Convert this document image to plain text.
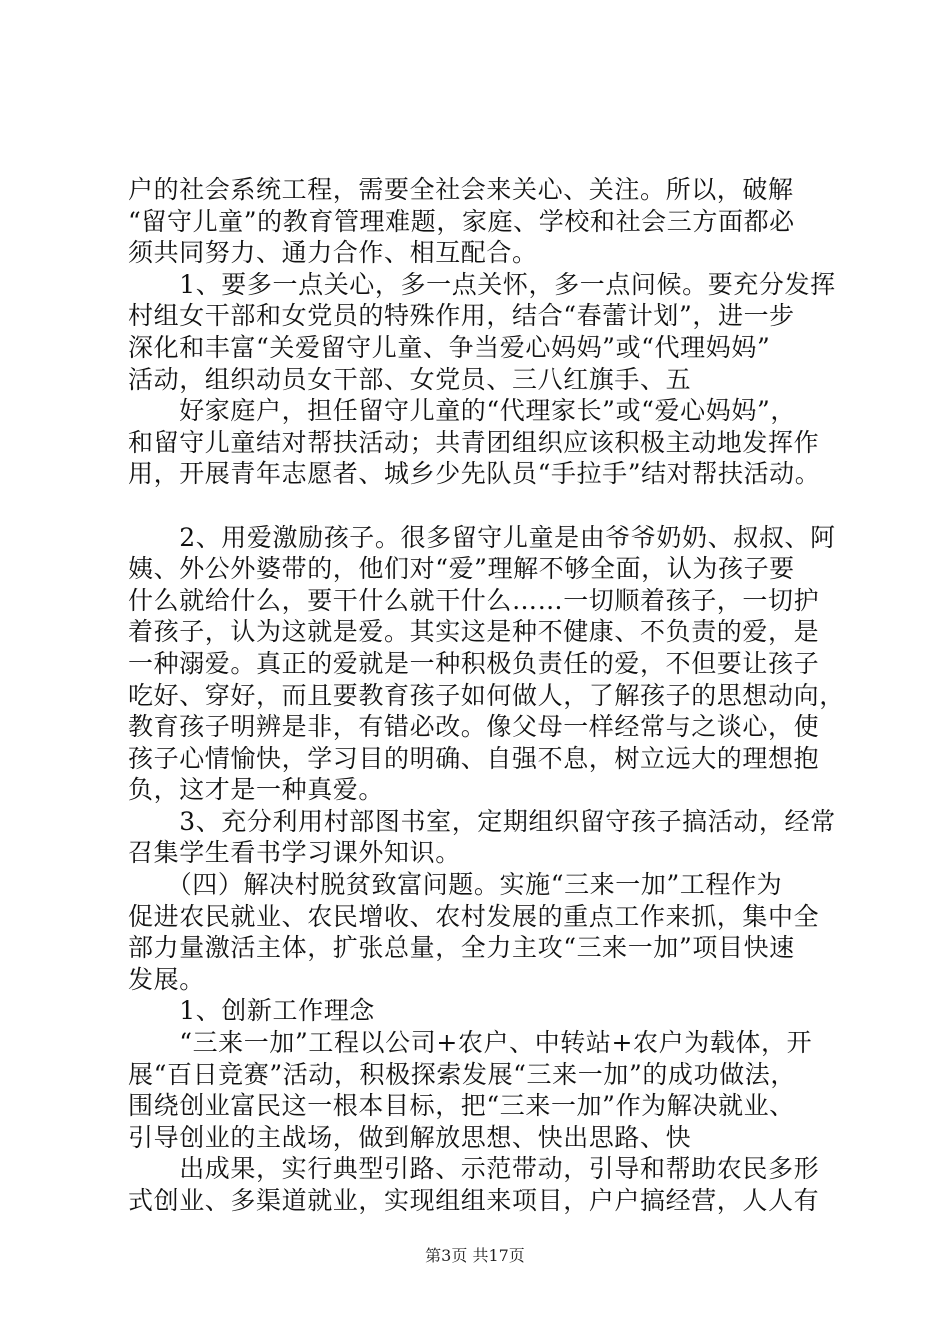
户的社会系统工程，需要全社会来关心、关注。所以，破解
“留守儿童”的教育管理难题，家庭、学校和社会三方面都必
须共同努力、通力合作、相互配合。
　　1、要多一点关心，多一点关怀，多一点问候。要充分发挥
村组女干部和女党员的特殊作用，结合“春蕾计划”，进一步
深化和丰富“关爱留守儿童、争当爱心妈妈”或“代理妈妈”
活动，组织动员女干部、女党员、三八红旗手、五
　　好家庭户，担任留守儿童的“代理家长”或“爱心妈妈”，
和留守儿童结对帮扶活动；共青团组织应该积极主动地发挥作
用，开展青年志愿者、城乡少先队员“手拉手”结对帮扶活动。
　　2、用爱激励孩子。很多留守儿童是由爷爷奶奶、叔叔、阿
姨、外公外婆带的，他们对“爱”理解不够全面，认为孩子要
什么就给什么，要干什么就干什么……一切顺着孩子，一切护
着孩子，认为这就是爱。其实这是种不健康、不负责的爱，是
一种溺爱。真正的爱就是一种积极负责任的爱，不但要让孩子
吃好、穿好，而且要教育孩子如何做人，了解孩子的思想动向，
教育孩子明辨是非，有错必改。像父母一样经常与之谈心，使
孩子心情愉快，学习目的明确、自强不息，树立远大的理想抱
负，这才是一种真爱。
　　3、充分利用村部图书室，定期组织留守孩子搞活动，经常
召集学生看书学习课外知识。
　　（四）解决村脱贫致富问题。实施“三来一加”工程作为
促进农民就业、农民增收、农村发展的重点工作来抓，集中全
部力量激活主体，扩张总量，全力主攻“三来一加”项目快速
发展。
　　1、创新工作理念
　　“三来一加”工程以公司+农户、中转站+农户为载体，开
展“百日竞赛”活动，积极探索发展“三来一加”的成功做法，
围绕创业富民这一根本目标，把“三来一加”作为解决就业、
引导创业的主战场，做到解放思想、快出思路、快
　　出成果，实行典型引路、示范带动，引导和帮助农民多形
式创业、多渠道就业，实现组组来项目，户户搞经营，人人有
第3页 共17页
